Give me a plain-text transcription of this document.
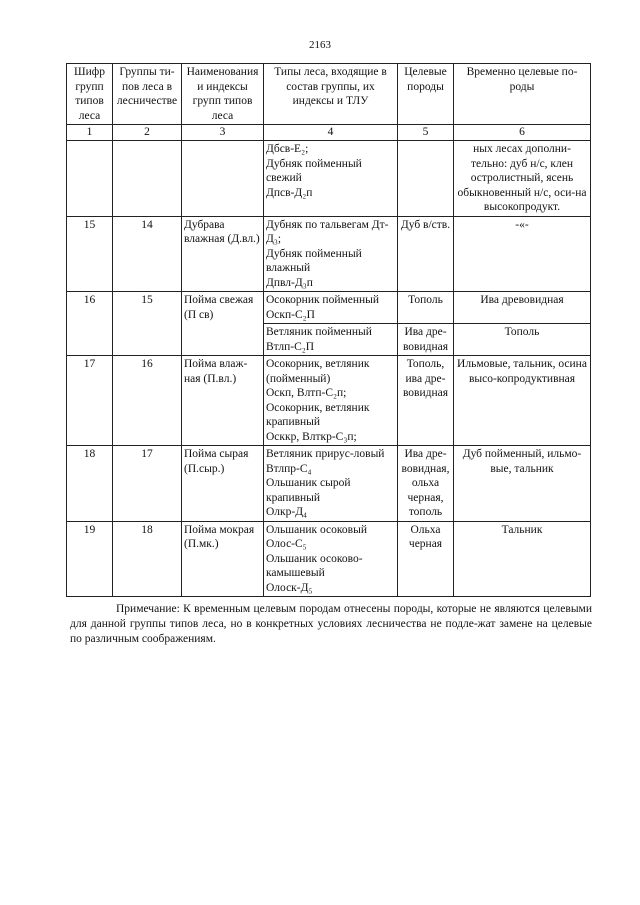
2163
Шифр групп типов леса	Группы ти-пов леса в лесничестве	Наименования и индексы групп типов леса	Типы леса, входящие в состав группы, их индексы и ТЛУ	Целевые породы	Временно целевые по-роды
1	2	3	4	5	6
			Дбсв-Е₂;
Дубняк пойменный свежий
Дпсв-Д₂п		ных лесах дополни-тельно: дуб н/с, клен остролистный, ясень обыкновенный н/с, оси-на высокопродукт.
15	14	Дубрава влажная (Д.вл.)	Дубняк по тальвегам Дт-Д₃;
Дубняк пойменный влажный
Дпвл-Д₃п	Дуб в/ств.	-«-
16	15	Пойма свежая (П св)	Осокорник пойменный Оскп-С₂П	Тополь	Ива древовидная
			Ветляник пойменный Втлп-С₂П	Ива дре-вовидная	Тополь
17	16	Пойма влаж-ная (П.вл.)	Осокорник, ветляник (пойменный)
Оскп, Влтп-С₂п;
Осокорник, ветляник крапивный
Осккр, Влткр-С₃п;	Тополь, ива дре-вовидная	Ильмовые, тальник, осина высо-копродуктивная
18	17	Пойма сырая (П.сыр.)	Ветляник прирус-ловый Втлпр-С₄
Ольшаник сырой крапивный
Олкр-Д₄	Ива дре-вовидная, ольха черная, тополь	Дуб пойменный, ильмо-вые, тальник
19	18	Пойма мокрая (П.мк.)	Ольшаник осоковый Олос-С₅
Ольшаник осоково-камышевый
Олоск-Д₅	Ольха черная	Тальник
Примечание: К временным целевым породам отнесены породы, которые не являются целевыми для данной группы типов леса, но в конкретных условиях лесничества не подле-жат замене на целевые по различным соображениям.
